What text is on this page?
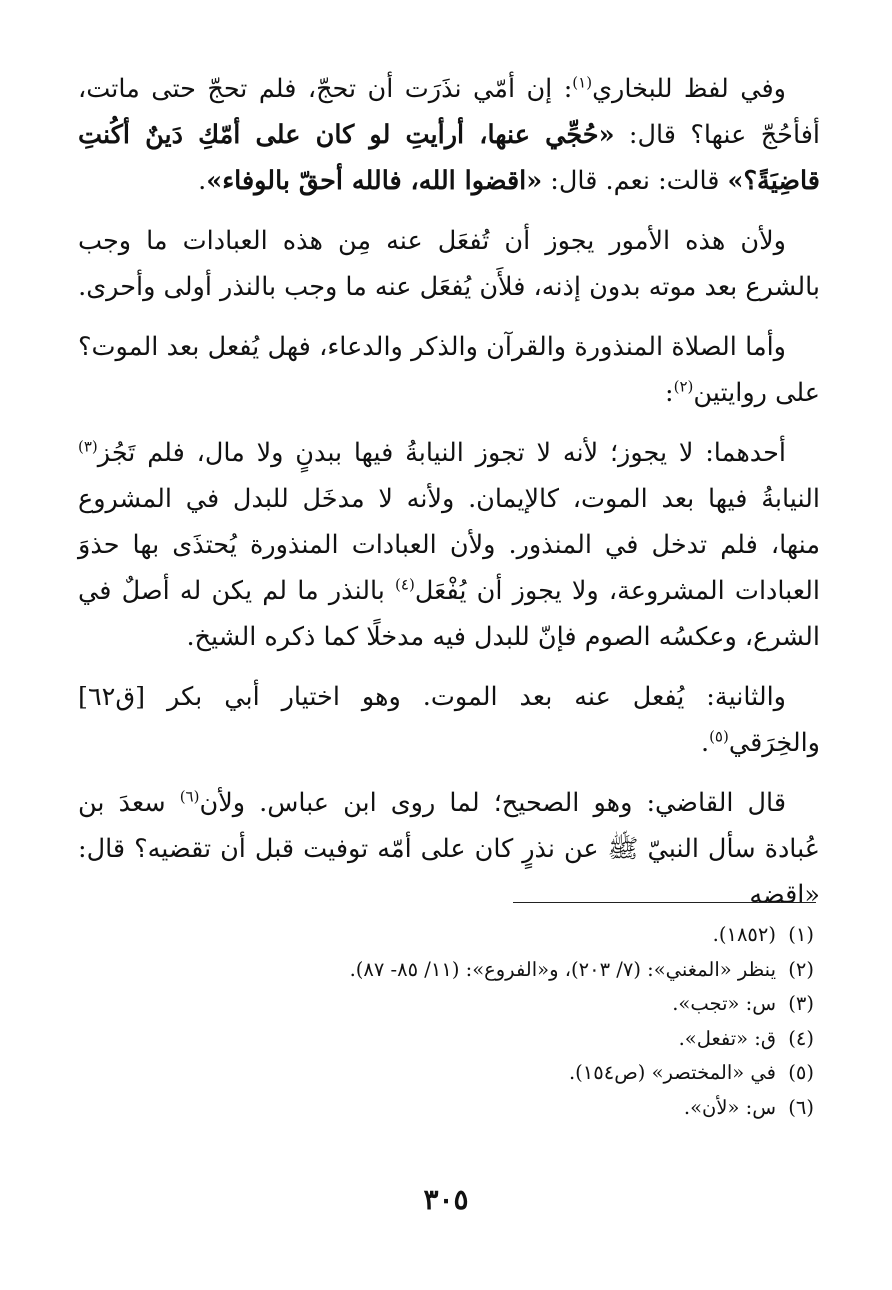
وفي لفظ للبخاري$^{(١)}$: إن أمّي نذَرَت أن تحجّ، فلم تحجّ حتى ماتت، أفأحُجّ عنها؟ قال: «حُجِّي عنها، أرأيتِ لو كان على أمّكِ دَينٌ أكُنتِ قاضِيَةً؟» قالت: نعم. قال: «اقضوا الله، فالله أحقّ بالوفاء».

ولأن هذه الأمور يجوز أن تُفعَل عنه مِن هذه العبادات ما وجب بالشرع بعد موته بدون إذنه، فلأَن يُفعَل عنه ما وجب بالنذر أولى وأحرى.

وأما الصلاة المنذورة والقرآن والذكر والدعاء، فهل يُفعل بعد الموت؟ على روايتين$^{(٢)}$:

أحدهما: لا يجوز؛ لأنه لا تجوز النيابةُ فيها ببدنٍ ولا مال، فلم تَجُز$^{(٣)}$ النيابةُ فيها بعد الموت، كالإيمان. ولأنه لا مدخَل للبدل في المشروع منها، فلم تدخل في المنذور. ولأن العبادات المنذورة يُحتذَى بها حذوَ العبادات المشروعة، ولا يجوز أن يُفْعَل$^{(٤)}$ بالنذر ما لم يكن له أصلٌ في الشرع، وعكسُه الصوم فإنّ للبدل فيه مدخلًا كما ذكره الشيخ.

والثانية: يُفعل عنه بعد الموت. وهو اختيار أبي بكر [ق٦٢] والخِرَقي$^{(٥)}$.

قال القاضي: وهو الصحيح؛ لما روى ابن عباس. ولأن$^{(٦)}$ سعدَ بن عُبادة سأل النبيّ ﷺ عن نذرٍ كان على أمّه توفيت قبل أن تقضيه؟ قال: «اقضه

(١)
(١٨٥٢).
(٢)
ينظر «المغني»: (٧/ ٢٠٣)، و«الفروع»: (١١/ ٨٥- ٨٧).
(٣)
س: «تجب».
(٤)
ق: «تفعل».
(٥)
في «المختصر» (ص١٥٤).
(٦)
س: «لأن».
٣٠٥
